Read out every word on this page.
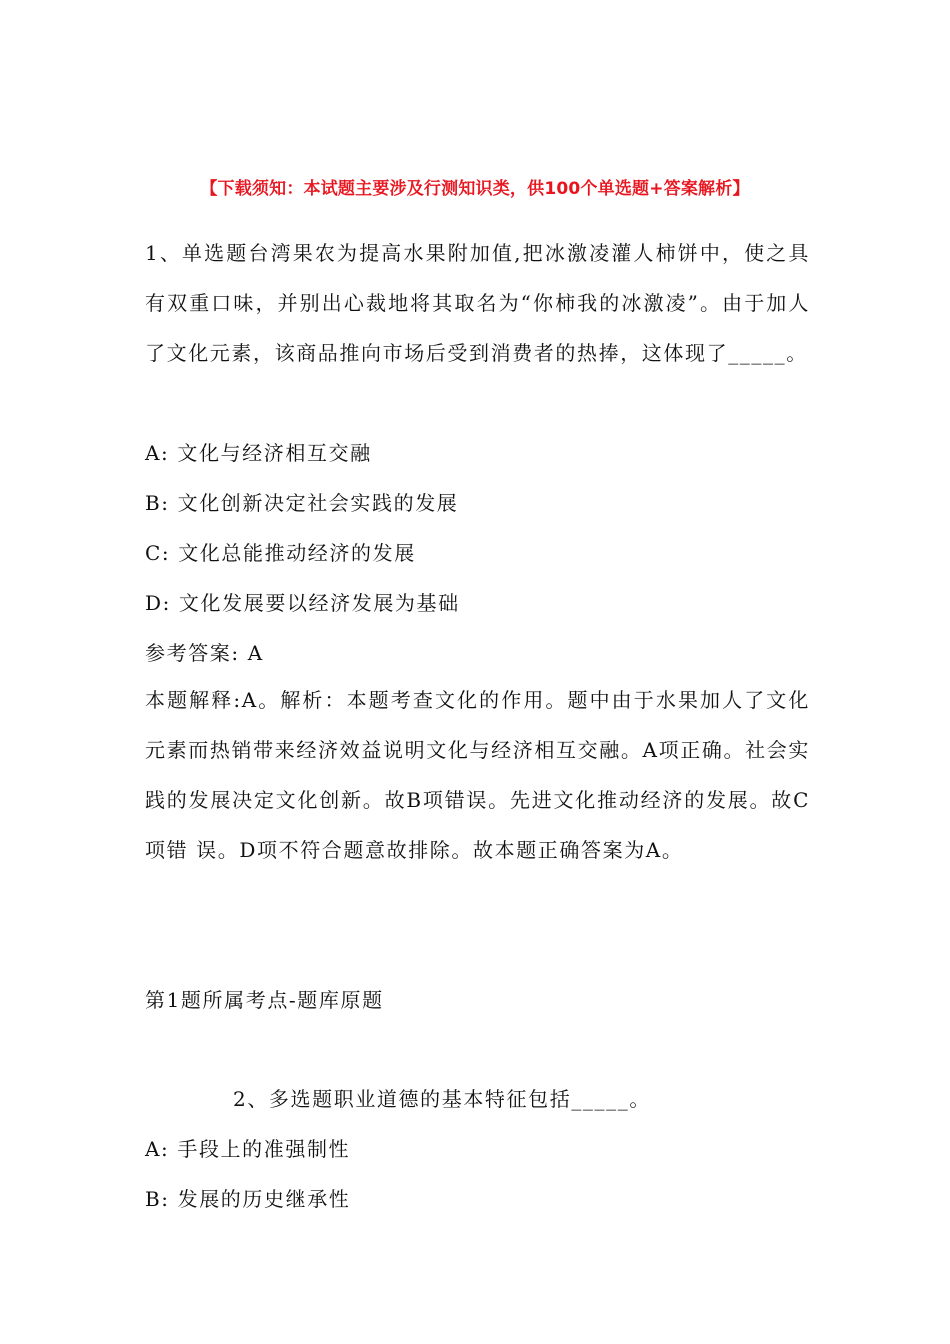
【下载须知：本试题主要涉及行测知识类，供100个单选题+答案解析】
1、单选题台湾果农为提高水果附加值,把冰激凌灌人柿饼中，使之具有双重口味，并别出心裁地将其取名为“你柿我的冰激凌”。由于加人了文化元素，该商品推向市场后受到消费者的热捧，这体现了_____。
A: 文化与经济相互交融
B: 文化创新决定社会实践的发展
C: 文化总能推动经济的发展
D: 文化发展要以经济发展为基础
参考答案: A
本题解释:A。解析：本题考查文化的作用。题中由于水果加人了文化元素而热销带来经济效益说明文化与经济相互交融。A项正确。社会实践的发展决定文化创新。故B项错误。先进文化推动经济的发展。故C项错 误。D项不符合题意故排除。故本题正确答案为A。
第1题所属考点-题库原题
2、多选题职业道德的基本特征包括_____。
A: 手段上的准强制性
B: 发展的历史继承性
